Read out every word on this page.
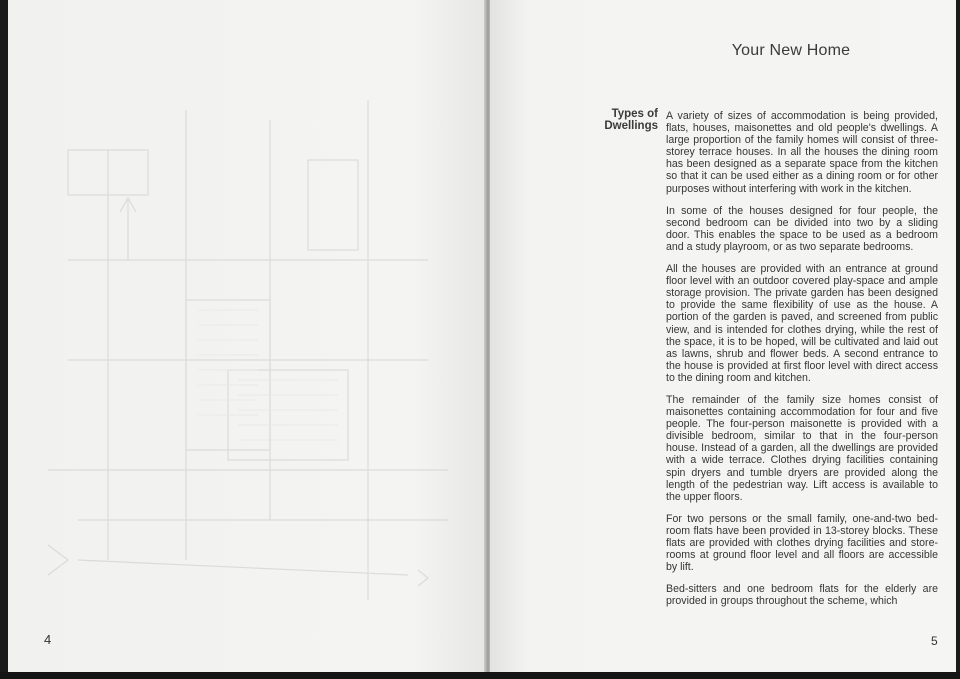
4
Your New Home
Types of Dwellings

A variety of sizes of accommodation is being provided, flats, houses, maisonettes and old people's dwellings. A large proportion of the family homes will consist of three-storey terrace houses. In all the houses the dining room has been designed as a separate space from the kitchen so that it can be used either as a dining room or for other purposes without interfering with work in the kitchen.

In some of the houses designed for four people, the second bedroom can be divided into two by a sliding door. This enables the space to be used as a bedroom and a study playroom, or as two separate bedrooms.

All the houses are provided with an entrance at ground floor level with an outdoor covered play-space and ample storage provision. The private garden has been designed to provide the same flexibility of use as the house. A portion of the garden is paved, and screened from public view, and is intended for clothes drying, while the rest of the space, it is to be hoped, will be cultivated and laid out as lawns, shrub and flower beds. A second entrance to the house is provided at first floor level with direct access to the dining room and kitchen.

The remainder of the family size homes consist of maisonettes containing accommodation for four and five people. The four-person maisonette is provided with a divisible bedroom, similar to that in the four-person house. Instead of a garden, all the dwellings are provided with a wide terrace. Clothes drying facilities containing spin dryers and tumble dryers are provided along the length of the pedestrian way. Lift access is available to the upper floors.

For two persons or the small family, one-and-two bed-room flats have been provided in 13-storey blocks. These flats are provided with clothes drying facilities and store-rooms at ground floor level and all floors are accessible by lift.

Bed-sitters and one bedroom flats for the elderly are provided in groups throughout the scheme, which

5
